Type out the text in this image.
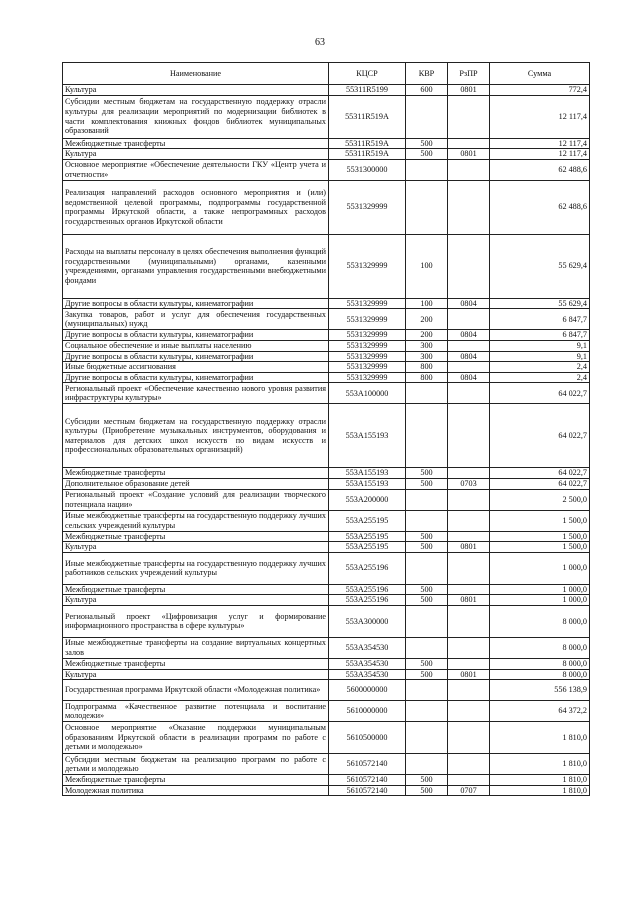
63
Наименование	КЦСР	КВР	РзПР	Сумма
Культура	55311R5199	600	0801	772,4
Субсидии местным бюджетам на государственную поддержку отрасли культуры для реализации мероприятий по модернизации библиотек в части комплектования книжных фондов библиотек муниципальных образований	55311R519A			12 117,4
Межбюджетные трансферты	55311R519A	500		12 117,4
Культура	55311R519A	500	0801	12 117,4
Основное мероприятие «Обеспечение деятельности ГКУ «Центр учета и отчетности»	5531300000			62 488,6
Реализация направлений расходов основного мероприятия и (или) ведомственной целевой программы, подпрограммы государственной программы Иркутской области, а также непрограммных расходов государственных органов Иркутской области	5531329999			62 488,6
Расходы на выплаты персоналу в целях обеспечения выполнения функций государственными (муниципальными) органами, казенными учреждениями, органами управления государственными внебюджетными фондами	5531329999	100		55 629,4
Другие вопросы в области культуры, кинематографии	5531329999	100	0804	55 629,4
Закупка товаров, работ и услуг для обеспечения государственных (муниципальных) нужд	5531329999	200		6 847,7
Другие вопросы в области культуры, кинематографии	5531329999	200	0804	6 847,7
Социальное обеспечение и иные выплаты населению	5531329999	300		9,1
Другие вопросы в области культуры, кинематографии	5531329999	300	0804	9,1
Иные бюджетные ассигнования	5531329999	800		2,4
Другие вопросы в области культуры, кинематографии	5531329999	800	0804	2,4
Региональный проект «Обеспечение качественно нового уровня развития инфраструктуры культуры»	553A100000			64 022,7
Субсидии местным бюджетам на государственную поддержку отрасли культуры (Приобретение музыкальных инструментов, оборудования и материалов для детских школ искусств по видам искусств и профессиональных образовательных организаций)	553A155193			64 022,7
Межбюджетные трансферты	553A155193	500		64 022,7
Дополнительное образование детей	553A155193	500	0703	64 022,7
Региональный проект «Создание условий для реализации творческого потенциала нации»	553A200000			2 500,0
Иные межбюджетные трансферты на государственную поддержку лучших сельских учреждений культуры	553A255195			1 500,0
Межбюджетные трансферты	553A255195	500		1 500,0
Культура	553A255195	500	0801	1 500,0
Иные межбюджетные трансферты на государственную поддержку лучших работников сельских учреждений культуры	553A255196			1 000,0
Межбюджетные трансферты	553A255196	500		1 000,0
Культура	553A255196	500	0801	1 000,0
Региональный проект «Цифровизация услуг и формирование информационного пространства в сфере культуры»	553A300000			8 000,0
Иные межбюджетные трансферты на создание виртуальных концертных залов	553A354530			8 000,0
Межбюджетные трансферты	553A354530	500		8 000,0
Культура	553A354530	500	0801	8 000,0
Государственная программа Иркутской области «Молодежная политика»	5600000000			556 138,9
Подпрограмма «Качественное развитие потенциала и воспитание молодежи»	5610000000			64 372,2
Основное мероприятие «Оказание поддержки муниципальным образованиям Иркутской области в реализации программ по работе с детьми и молодежью»	5610500000			1 810,0
Субсидии местным бюджетам на реализацию программ по работе с детьми и молодежью	5610572140			1 810,0
Межбюджетные трансферты	5610572140	500		1 810,0
Молодежная политика	5610572140	500	0707	1 810,0
